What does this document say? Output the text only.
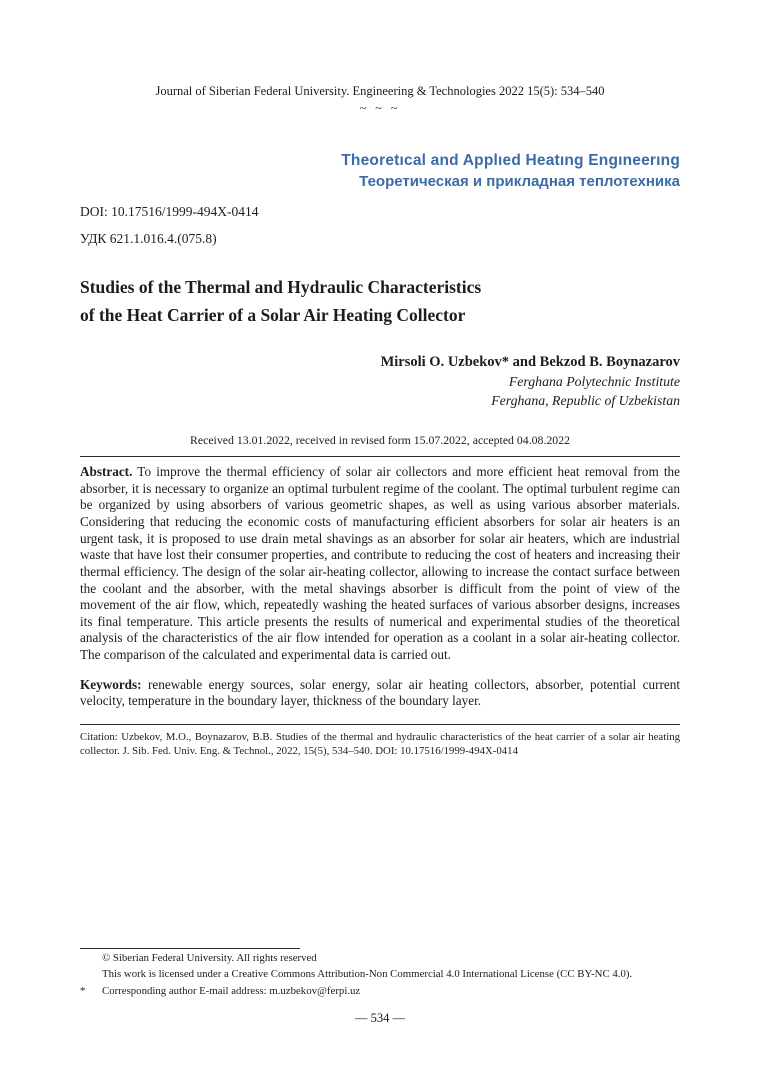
Journal of Siberian Federal University. Engineering & Technologies 2022 15(5): 534–540
~ ~ ~
Theoretıcal and Applıed Heatıng Engıneerıng
Теоретическая и прикладная теплотехника
DOI: 10.17516/1999-494X-0414
УДК 621.1.016.4.(075.8)
Studies of the Thermal and Hydraulic Characteristics
of the Heat Carrier of a Solar Air Heating Collector
Mirsoli O. Uzbekov* and Bekzod B. Boynazarov
Ferghana Polytechnic Institute
Ferghana, Republic of Uzbekistan
Received 13.01.2022, received in revised form 15.07.2022, accepted 04.08.2022

Abstract. To improve the thermal efficiency of solar air collectors and more efficient heat removal from the absorber, it is necessary to organize an optimal turbulent regime of the coolant. The optimal turbulent regime can be organized by using absorbers of various geometric shapes, as well as using various absorber materials. Considering that reducing the economic costs of manufacturing efficient absorbers for solar air heaters is an urgent task, it is proposed to use drain metal shavings as an absorber for solar air heaters, which are industrial waste that have lost their consumer properties, and contribute to reducing the cost of heaters and increasing their thermal efficiency. The design of the solar air-heating collector, allowing to increase the contact surface between the coolant and the absorber, with the metal shavings absorber is difficult from the point of view of the movement of the air flow, which, repeatedly washing the heated surfaces of various absorber designs, increases its final temperature. This article presents the results of numerical and experimental studies of the theoretical analysis of the characteristics of the air flow intended for operation as a coolant in a solar air-heating collector. The comparison of the calculated and experimental data is carried out.

Keywords: renewable energy sources, solar energy, solar air heating collectors, absorber, potential current velocity, temperature in the boundary layer, thickness of the boundary layer.

Citation: Uzbekov, M.O., Boynazarov, B.B. Studies of the thermal and hydraulic characteristics of the heat carrier of a solar air heating collector. J. Sib. Fed. Univ. Eng. & Technol., 2022, 15(5), 534–540. DOI: 10.17516/1999-494X-0414

© Siberian Federal University. All rights reserved
This work is licensed under a Creative Commons Attribution-Non Commercial 4.0 International License (CC BY-NC 4.0).
*	Corresponding author E-mail address: m.uzbekov@ferpi.uz
— 534 —
